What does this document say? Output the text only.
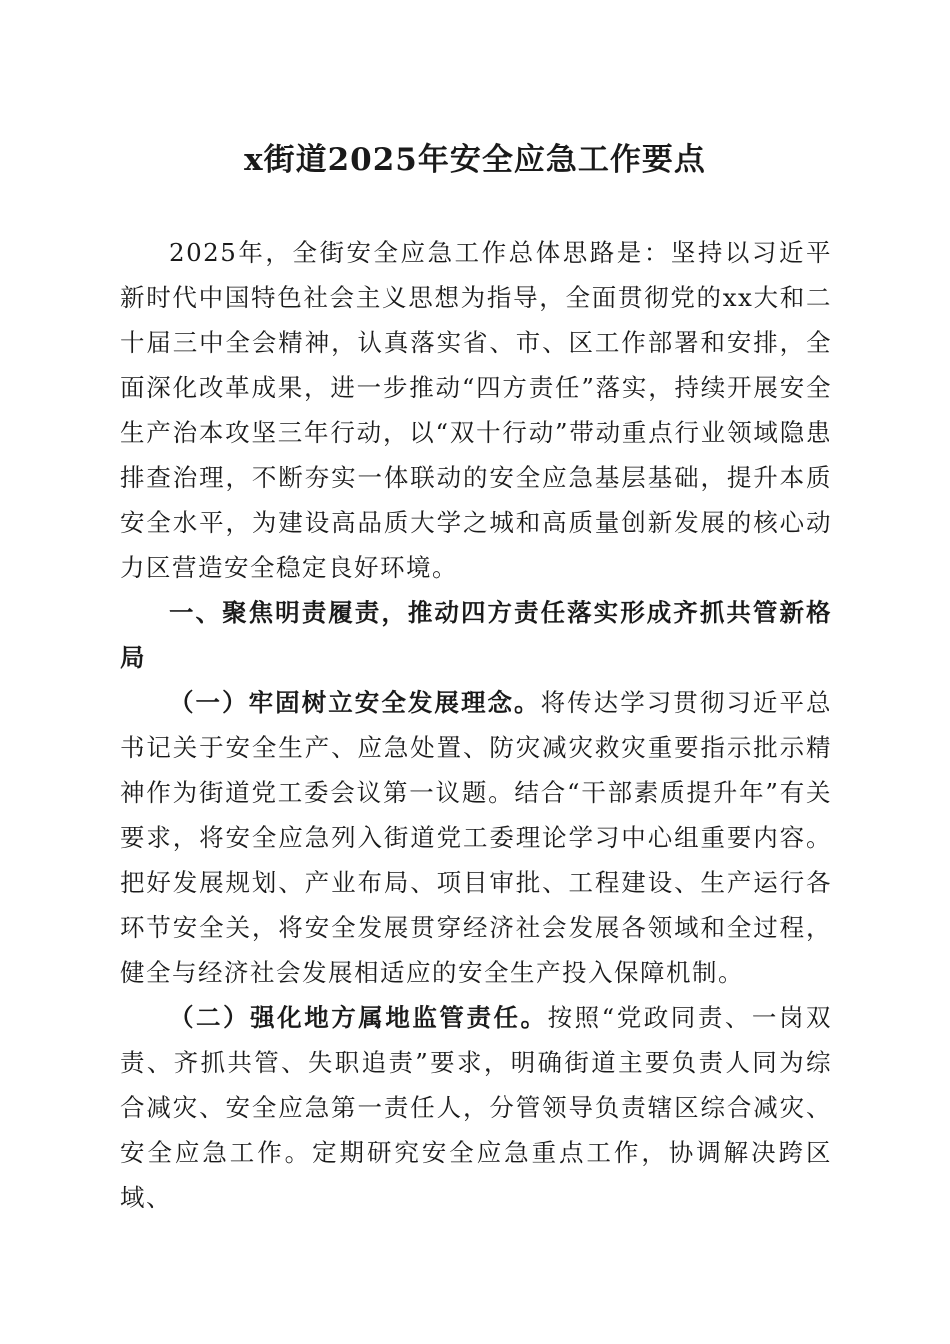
x街道2025年安全应急工作要点

2025年，全街安全应急工作总体思路是：坚持以习近平新时代中国特色社会主义思想为指导，全面贯彻党的xx大和二十届三中全会精神，认真落实省、市、区工作部署和安排，全面深化改革成果，进一步推动“四方责任”落实，持续开展安全生产治本攻坚三年行动，以“双十行动”带动重点行业领域隐患排查治理，不断夯实一体联动的安全应急基层基础，提升本质安全水平，为建设高品质大学之城和高质量创新发展的核心动力区营造安全稳定良好环境。

一、聚焦明责履责，推动四方责任落实形成齐抓共管新格局

（一）牢固树立安全发展理念。将传达学习贯彻习近平总书记关于安全生产、应急处置、防灾减灾救灾重要指示批示精神作为街道党工委会议第一议题。结合“干部素质提升年”有关要求，将安全应急列入街道党工委理论学习中心组重要内容。把好发展规划、产业布局、项目审批、工程建设、生产运行各环节安全关，将安全发展贯穿经济社会发展各领域和全过程，健全与经济社会发展相适应的安全生产投入保障机制。

（二）强化地方属地监管责任。按照“党政同责、一岗双责、齐抓共管、失职追责”要求，明确街道主要负责人同为综合减灾、安全应急第一责任人，分管领导负责辖区综合减灾、安全应急工作。定期研究安全应急重点工作，协调解决跨区域、
